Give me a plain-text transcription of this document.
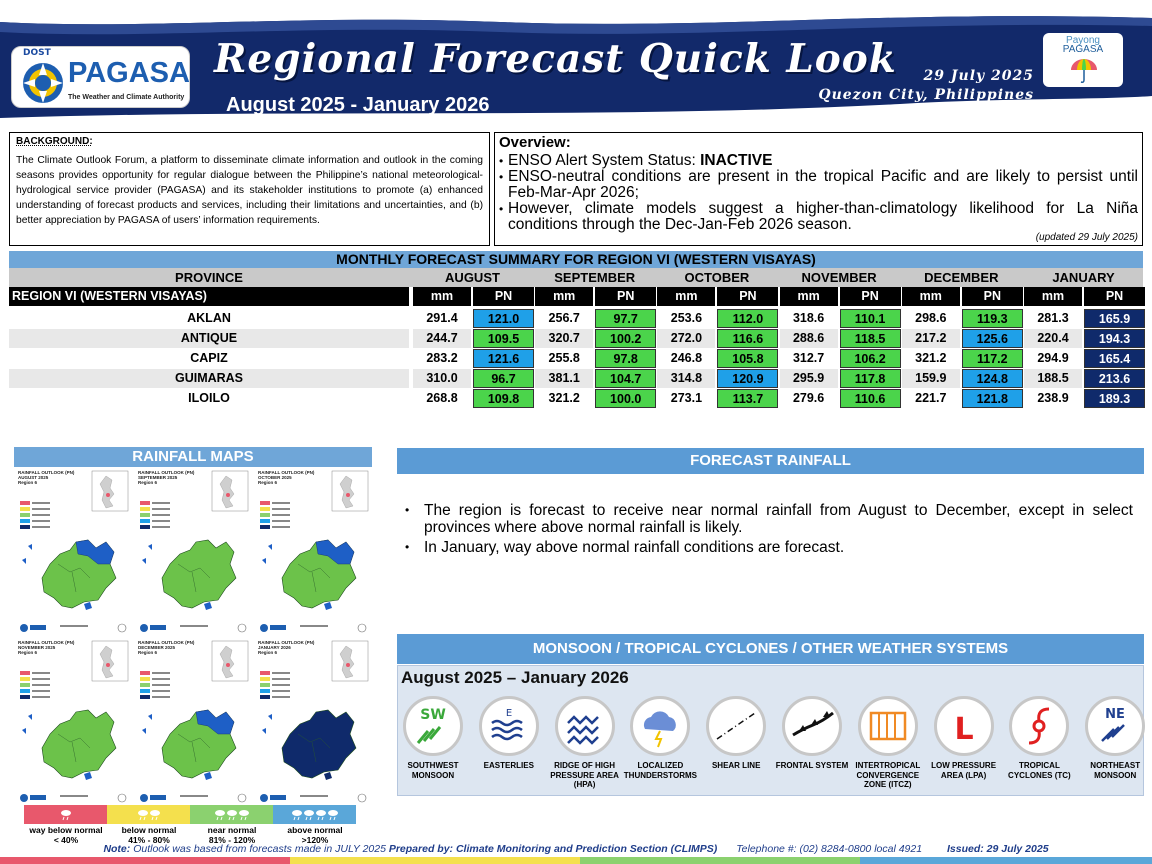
DOST
PAGASA
The Weather and Climate Authority
Regional Forecast Quick Look
August 2025 - January 2026
29 July 2025
Quezon City, Philippines
Payong
PAGASA
BACKGROUND:
The Climate Outlook Forum, a platform to disseminate climate information and outlook in the coming seasons provides opportunity for regular dialogue between the Philippine’s national meteorological-hydrological service provider (PAGASA) and its stakeholder institutions to promote (a) enhanced understanding of forecast products and services, including their limitations and uncertainties, and (b) better appreciation by PAGASA of users’ information requirements.
Overview:
• ENSO Alert System Status: INACTIVE
• ENSO-neutral conditions are present in the tropical Pacific and are likely to persist until Feb-Mar-Apr 2026;
• However, climate models suggest a higher-than-climatology likelihood for La Niña conditions through the Dec-Jan-Feb 2026 season.
(updated 29 July 2025)
MONTHLY FORECAST SUMMARY FOR REGION VI (WESTERN VISAYAS)
PROVINCE	AUGUST	SEPTEMBER	OCTOBER	NOVEMBER	DECEMBER	JANUARY
REGION VI (WESTERN VISAYAS)	mm	PN	mm	PN	mm	PN	mm	PN	mm	PN	mm	PN
AKLAN	291.4	121.0	256.7	97.7	253.6	112.0	318.6	110.1	298.6	119.3	281.3	165.9
ANTIQUE	244.7	109.5	320.7	100.2	272.0	116.6	288.6	118.5	217.2	125.6	220.4	194.3
CAPIZ	283.2	121.6	255.8	97.8	246.8	105.8	312.7	106.2	321.2	117.2	294.9	165.4
GUIMARAS	310.0	96.7	381.1	104.7	314.8	120.9	295.9	117.8	159.9	124.8	188.5	213.6
ILOILO	268.8	109.8	321.2	100.0	273.1	113.7	279.6	110.6	221.7	121.8	238.9	189.3
RAINFALL MAPS
RAINFALL OUTLOOK (PN)
AUGUST 2025
Region 6
RAINFALL OUTLOOK (PN)
SEPTEMBER 2025
Region 6
RAINFALL OUTLOOK (PN)
OCTOBER 2025
Region 6
RAINFALL OUTLOOK (PN)
NOVEMBER 2025
Region 6
RAINFALL OUTLOOK (PN)
DECEMBER 2025
Region 6
RAINFALL OUTLOOK (PN)
JANUARY 2026
Region 6
way below normal
< 40%
below normal
41% - 80%
near normal
81% - 120%
above normal
>120%
FORECAST RAINFALL
• The region is forecast to receive near normal rainfall from August to December, except in select provinces where above normal rainfall is likely.
• In January, way above normal rainfall conditions are forecast.
MONSOON / TROPICAL CYCLONES / OTHER WEATHER SYSTEMS
August 2025 – January 2026
SW
SOUTHWEST MONSOON
E
EASTERLIES	RIDGE OF HIGH PRESSURE AREA (HPA)
LOCALIZED THUNDERSTORMS
SHEAR LINE	FRONTAL SYSTEM INTERTROPICAL CONVERGENCE ZONE (ITCZ)
L
LOW PRESSURE AREA (LPA)
TROPICAL CYCLONES (TC)
NE
NORTHEAST MONSOON
Note: Outlook was based from forecasts made in JULY 2025 Prepared by: Climate Monitoring and Prediction Section (CLIMPS) Telephone #: (02) 8284-0800 local 4921 Issued: 29 July 2025
